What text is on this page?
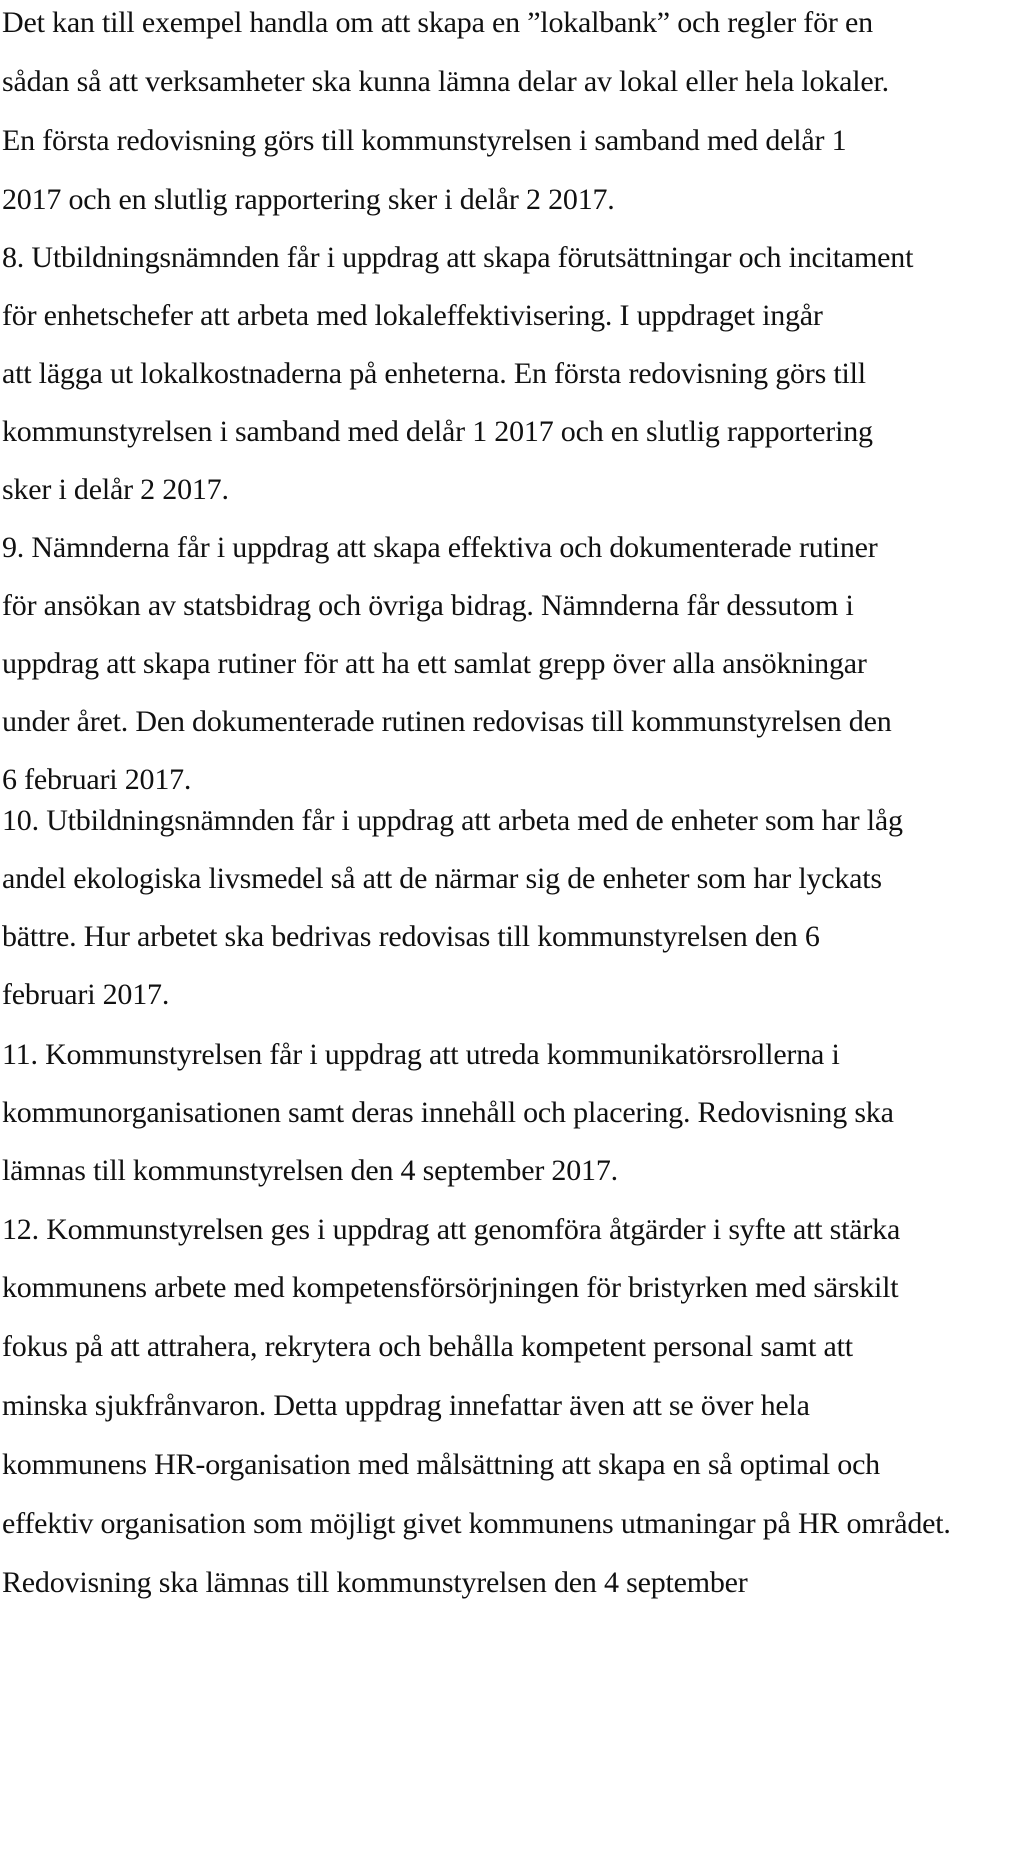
Det kan till exempel handla om att skapa en ”lokalbank” och regler för en
sådan så att verksamheter ska kunna lämna delar av lokal eller hela lokaler.
En första redovisning görs till kommunstyrelsen i samband med delår 1
2017 och en slutlig rapportering sker i delår 2 2017.
8. Utbildningsnämnden får i uppdrag att skapa förutsättningar och incitament
för enhetschefer att arbeta med lokaleffektivisering. I uppdraget ingår
att lägga ut lokalkostnaderna på enheterna. En första redovisning görs till
kommunstyrelsen i samband med delår 1 2017 och en slutlig rapportering
sker i delår 2 2017.
9. Nämnderna får i uppdrag att skapa effektiva och dokumenterade rutiner
för ansökan av statsbidrag och övriga bidrag. Nämnderna får dessutom i
uppdrag att skapa rutiner för att ha ett samlat grepp över alla ansökningar
under året. Den dokumenterade rutinen redovisas till kommunstyrelsen den
6 februari 2017.
10. Utbildningsnämnden får i uppdrag att arbeta med de enheter som har låg
andel ekologiska livsmedel så att de närmar sig de enheter som har lyckats
bättre. Hur arbetet ska bedrivas redovisas till kommunstyrelsen den 6
februari 2017.
11. Kommunstyrelsen får i uppdrag att utreda kommunikatörsrollerna i
kommunorganisationen samt deras innehåll och placering. Redovisning ska
lämnas till kommunstyrelsen den 4 september 2017.
12. Kommunstyrelsen ges i uppdrag att genomföra åtgärder i syfte att stärka
kommunens arbete med kompetensförsörjningen för bristyrken med särskilt
fokus på att attrahera, rekrytera och behålla kompetent personal samt att
minska sjukfrånvaron. Detta uppdrag innefattar även att se över hela
kommunens HR-organisation med målsättning att skapa en så optimal och
effektiv organisation som möjligt givet kommunens utmaningar på HR området.
Redovisning ska lämnas till kommunstyrelsen den 4 september
